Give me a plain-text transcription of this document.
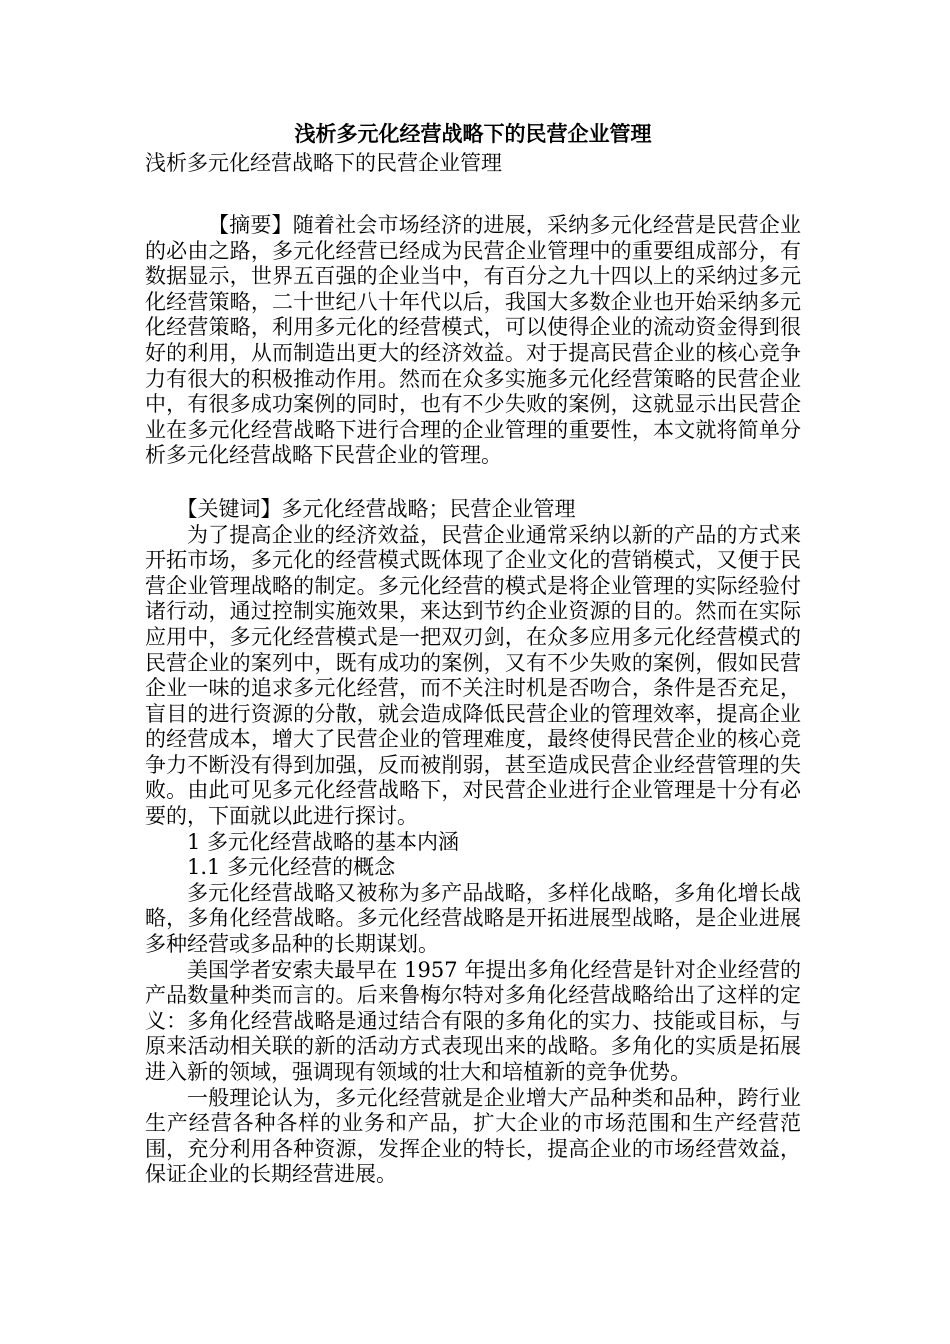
浅析多元化经营战略下的民营企业管理

浅析多元化经营战略下的民营企业管理

【摘要】随着社会市场经济的进展，采纳多元化经营是民营企业的必由之路，多元化经营已经成为民营企业管理中的重要组成部分，有数据显示，世界五百强的企业当中，有百分之九十四以上的采纳过多元化经营策略，二十世纪八十年代以后，我国大多数企业也开始采纳多元化经营策略，利用多元化的经营模式，可以使得企业的流动资金得到很好的利用，从而制造出更大的经济效益。对于提高民营企业的核心竞争力有很大的积极推动作用。然而在众多实施多元化经营策略的民营企业中，有很多成功案例的同时，也有不少失败的案例，这就显示出民营企业在多元化经营战略下进行合理的企业管理的重要性，本文就将简单分析多元化经营战略下民营企业的管理。

【关键词】多元化经营战略；民营企业管理

为了提高企业的经济效益，民营企业通常采纳以新的产品的方式来开拓市场，多元化的经营模式既体现了企业文化的营销模式，又便于民营企业管理战略的制定。多元化经营的模式是将企业管理的实际经验付诸行动，通过控制实施效果，来达到节约企业资源的目的。然而在实际应用中，多元化经营模式是一把双刃剑，在众多应用多元化经营模式的民营企业的案列中，既有成功的案例，又有不少失败的案例，假如民营企业一味的追求多元化经营，而不关注时机是否吻合，条件是否充足，盲目的进行资源的分散，就会造成降低民营企业的管理效率，提高企业的经营成本，增大了民营企业的管理难度，最终使得民营企业的核心竞争力不断没有得到加强，反而被削弱，甚至造成民营企业经营管理的失败。由此可见多元化经营战略下，对民营企业进行企业管理是十分有必要的，下面就以此进行探讨。

1 多元化经营战略的基本内涵

1.1 多元化经营的概念

多元化经营战略又被称为多产品战略，多样化战略，多角化增长战略，多角化经营战略。多元化经营战略是开拓进展型战略，是企业进展多种经营或多品种的长期谋划。

美国学者安索夫最早在 1957 年提出多角化经营是针对企业经营的产品数量种类而言的。后来鲁梅尔特对多角化经营战略给出了这样的定义：多角化经营战略是通过结合有限的多角化的实力、技能或目标，与原来活动相关联的新的活动方式表现出来的战略。多角化的实质是拓展进入新的领域，强调现有领域的壮大和培植新的竞争优势。

一般理论认为，多元化经营就是企业增大产品种类和品种，跨行业生产经营各种各样的业务和产品，扩大企业的市场范围和生产经营范围，充分利用各种资源，发挥企业的特长，提高企业的市场经营效益，保证企业的长期经营进展。
